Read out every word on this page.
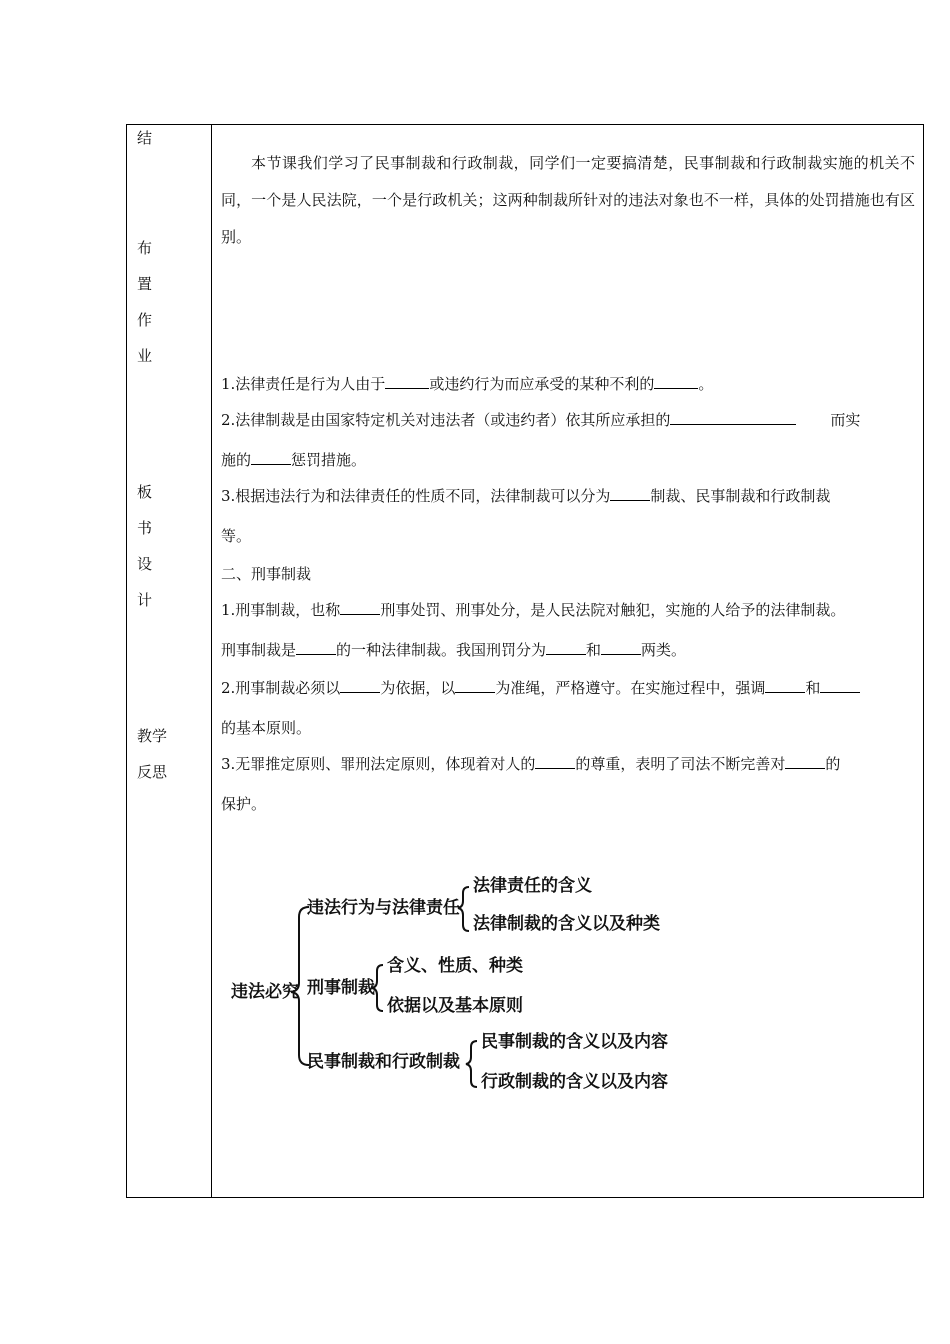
结
布
置
作
业
板
书
设
计
教学
反思
本节课我们学习了民事制裁和行政制裁，同学们一定要搞清楚，民事制裁和行政制裁实施的机关不同，一个是人民法院，一个是行政机关；这两种制裁所针对的违法对象也不一样，具体的处罚措施也有区别。
1.法律责任是行为人由于	或违约行为而应承受的某种不利的	。
2.法律制裁是由国家特定机关对违法者（或违约者）依其所应承担的	而实
施的	惩罚措施。
3.根据违法行为和法律责任的性质不同，法律制裁可以分为	制裁、民事制裁和行政制裁
等。
二、刑事制裁
1.刑事制裁，也称	刑事处罚、刑事处分，是人民法院对触犯，实施的人给予的法律制裁。
刑事制裁是	的一种法律制裁。我国刑罚分为	和	两类。
2.刑事制裁必须以	为依据，以	为准绳，严格遵守。在实施过程中，强调	和
的基本原则。
3.无罪推定原则、罪刑法定原则，体现着对人的	的尊重，表明了司法不断完善对	的
保护。
违法必究
违法行为与法律责任
刑事制裁
民事制裁和行政制裁
法律责任的含义
法律制裁的含义以及种类
含义、性质、种类
依据以及基本原则
民事制裁的含义以及内容
行政制裁的含义以及内容
